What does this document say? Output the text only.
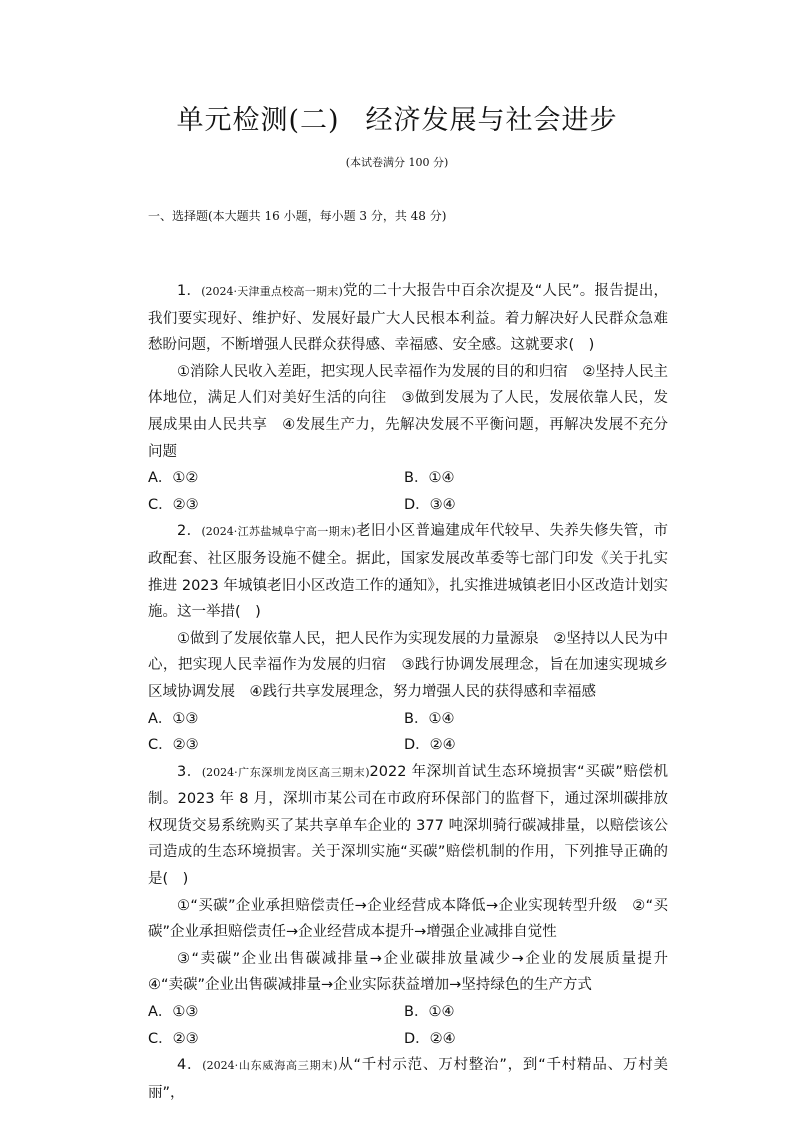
单元检测(二) 经济发展与社会进步
(本试卷满分 100 分)
一、选择题(本大题共 16 小题，每小题 3 分，共 48 分)

1．(2024·天津重点校高一期末)党的二十大报告中百余次提及“人民”。报告提出，我们要实现好、维护好、发展好最广大人民根本利益。着力解决好人民群众急难愁盼问题，不断增强人民群众获得感、幸福感、安全感。这就要求(　)

①消除人民收入差距，把实现人民幸福作为发展的目的和归宿　②坚持人民主体地位，满足人们对美好生活的向往　③做到发展为了人民，发展依靠人民，发展成果由人民共享　④发展生产力，先解决发展不平衡问题，再解决发展不充分问题

A．①②	B．①④
C．②③	D．③④

2．(2024·江苏盐城阜宁高一期末)老旧小区普遍建成年代较早、失养失修失管，市政配套、社区服务设施不健全。据此，国家发展改革委等七部门印发《关于扎实推进 2023 年城镇老旧小区改造工作的通知》，扎实推进城镇老旧小区改造计划实施。这一举措(　)

①做到了发展依靠人民，把人民作为实现发展的力量源泉　②坚持以人民为中心，把实现人民幸福作为发展的归宿　③践行协调发展理念，旨在加速实现城乡区域协调发展　④践行共享发展理念，努力增强人民的获得感和幸福感

A．①③	B．①④
C．②③	D．②④

3．(2024·广东深圳龙岗区高三期末)2022 年深圳首试生态环境损害“买碳”赔偿机制。2023 年 8 月，深圳市某公司在市政府环保部门的监督下，通过深圳碳排放权现货交易系统购买了某共享单车企业的 377 吨深圳骑行碳减排量，以赔偿该公司造成的生态环境损害。关于深圳实施“买碳”赔偿机制的作用，下列推导正确的是(　)

①“买碳”企业承担赔偿责任→企业经营成本降低→企业实现转型升级　②“买碳”企业承担赔偿责任→企业经营成本提升→增强企业减排自觉性

③“卖碳”企业出售碳减排量→企业碳排放量减少→企业的发展质量提升　④“卖碳”企业出售碳减排量→企业实际获益增加→坚持绿色的生产方式

A．①③	B．①④
C．②③	D．②④

4．(2024·山东威海高三期末)从“千村示范、万村整治”，到“千村精品、万村美丽”，
